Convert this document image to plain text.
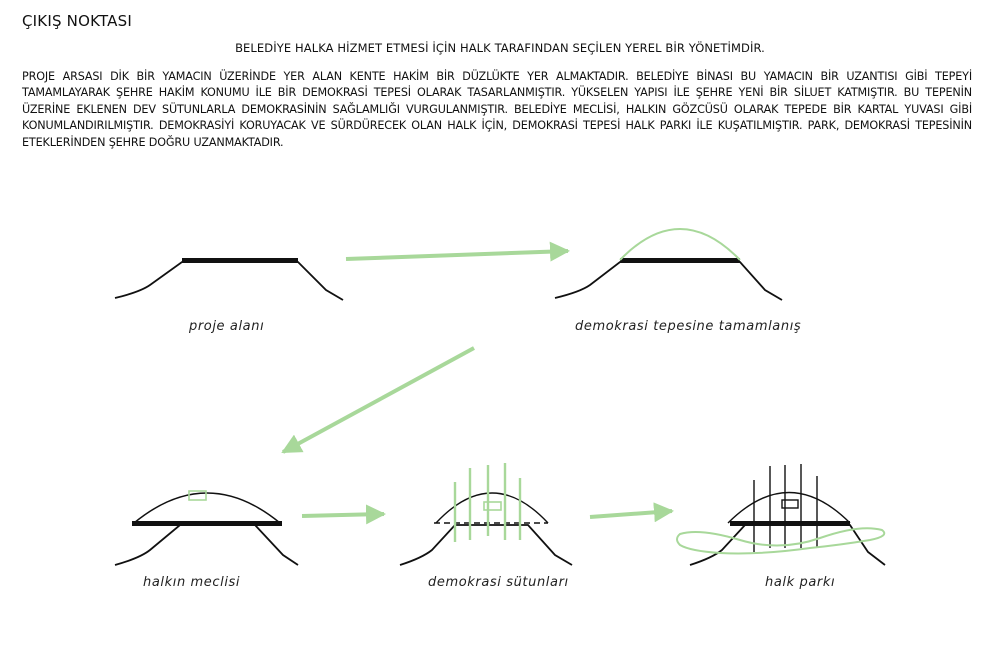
ÇIKIŞ NOKTASI
BELEDİYE HALKA HİZMET ETMESİ İÇİN HALK TARAFINDAN SEÇİLEN YEREL BİR YÖNETİMDİR.
PROJE ARSASI DİK BİR YAMACIN ÜZERİNDE YER ALAN KENTE HAKİM BİR DÜZLÜKTE YER ALMAKTADIR. BELEDİYE BİNASI BU YAMACIN BİR UZANTISI GİBİ TEPEYİ TAMAMLAYARAK ŞEHRE HAKİM KONUMU İLE BİR DEMOKRASİ TEPESİ OLARAK TASARLANMIŞTIR. YÜKSELEN YAPISI İLE ŞEHRE YENİ BİR SİLUET KATMIŞTIR. BU TEPENİN ÜZERİNE EKLENEN DEV SÜTUNLARLA DEMOKRASİNİN SAĞLAMLIĞI VURGULANMIŞTIR. BELEDİYE MECLİSİ, HALKIN GÖZCÜSÜ OLARAK TEPEDE BİR KARTAL YUVASI GİBİ KONUMLANDIRILMIŞTIR. DEMOKRASİYİ KORUYACAK VE SÜRDÜRECEK OLAN HALK İÇİN, DEMOKRASİ TEPESİ HALK PARKI İLE KUŞATILMIŞTIR. PARK, DEMOKRASİ TEPESİNİN ETEKLERİNDEN ŞEHRE DOĞRU UZANMAKTADIR.
proje alanı	demokrasi tepesine tamamlanış
halkın meclisi	demokrasi sütunları	halk parkı
